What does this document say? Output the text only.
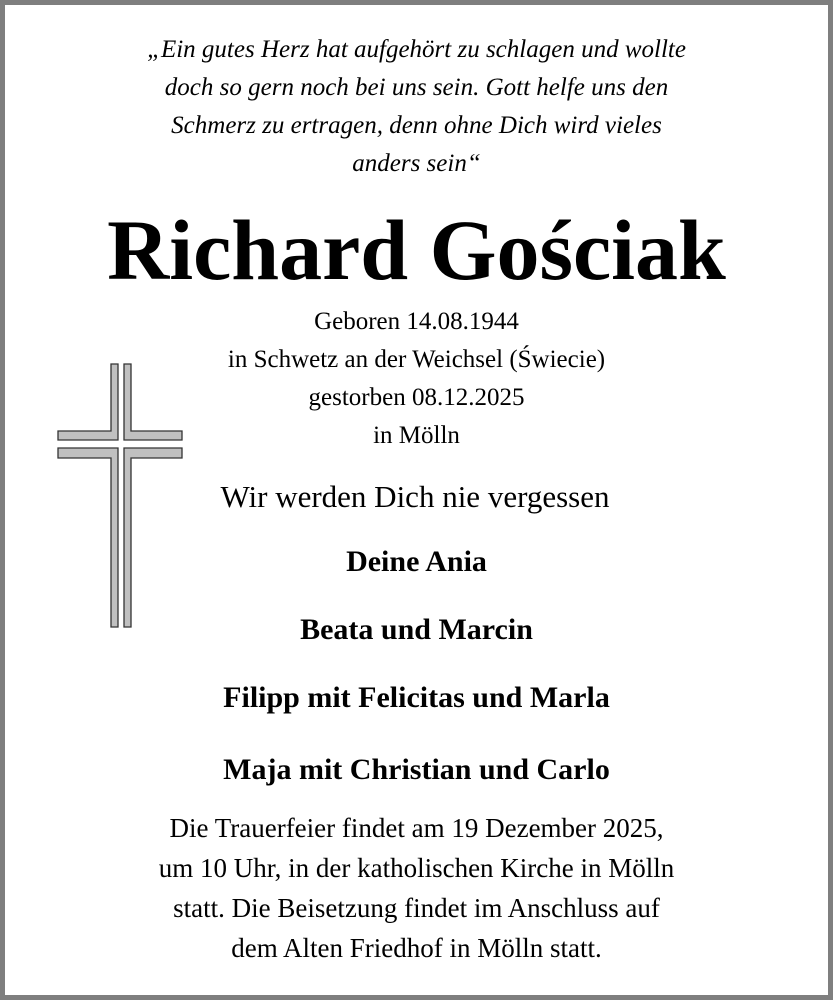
„Ein gutes Herz hat aufgehört zu schlagen und wollte
doch so gern noch bei uns sein. Gott helfe uns den
Schmerz zu ertragen, denn ohne Dich wird vieles
anders sein“
Richard Gościak
Geboren 14.08.1944
in Schwetz an der Weichsel (Świecie)
gestorben 08.12.2025
in Mölln
Wir werden Dich nie vergessen
Deine Ania
Beata und Marcin
Filipp mit Felicitas und Marla
Maja mit Christian und Carlo
Die Trauerfeier findet am 19 Dezember 2025,
um 10 Uhr, in der katholischen Kirche in Mölln
statt. Die Beisetzung findet im Anschluss auf
dem Alten Friedhof in Mölln statt.
